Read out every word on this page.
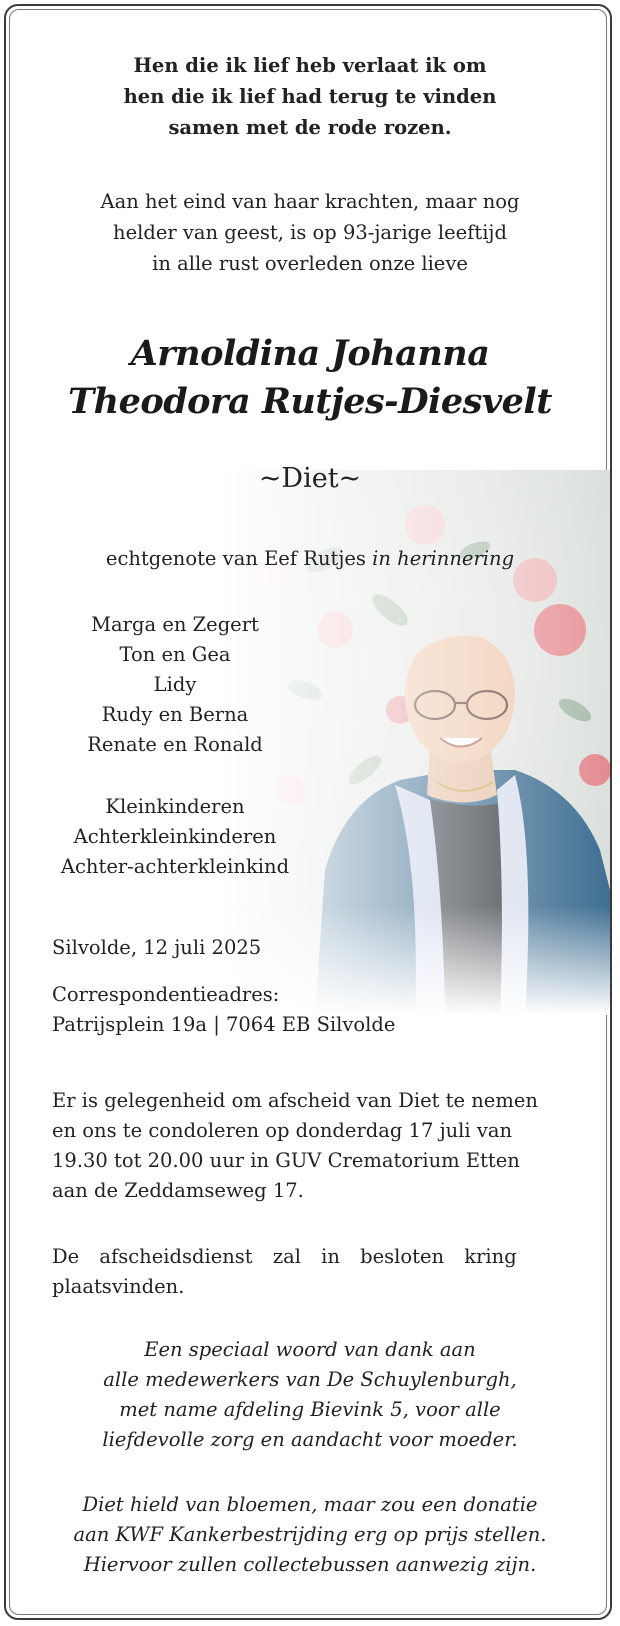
Hen die ik lief heb verlaat ik om
hen die ik lief had terug te vinden
samen met de rode rozen.
Aan het eind van haar krachten, maar nog
helder van geest, is op 93-jarige leeftijd
in alle rust overleden onze lieve
Arnoldina Johanna
Theodora Rutjes-Diesvelt
~Diet~
echtgenote van Eef Rutjes in herinnering
Marga en Zegert
Ton en Gea
Lidy
Rudy en Berna
Renate en Ronald
Kleinkinderen
Achterkleinkinderen
Achter-achterkleinkind
Silvolde, 12 juli 2025
Correspondentieadres:
Patrijsplein 19a | 7064 EB Silvolde
Er is gelegenheid om afscheid van Diet te nemen
en ons te condoleren op donderdag 17 juli van
19.30 tot 20.00 uur in GUV Crematorium Etten
aan de Zeddamseweg 17.
De afscheidsdienst zal in besloten kring
plaatsvinden.
Een speciaal woord van dank aan
alle medewerkers van De Schuylenburgh,
met name afdeling Bievink 5, voor alle
liefdevolle zorg en aandacht voor moeder.
Diet hield van bloemen, maar zou een donatie
aan KWF Kankerbestrijding erg op prijs stellen.
Hiervoor zullen collectebussen aanwezig zijn.
